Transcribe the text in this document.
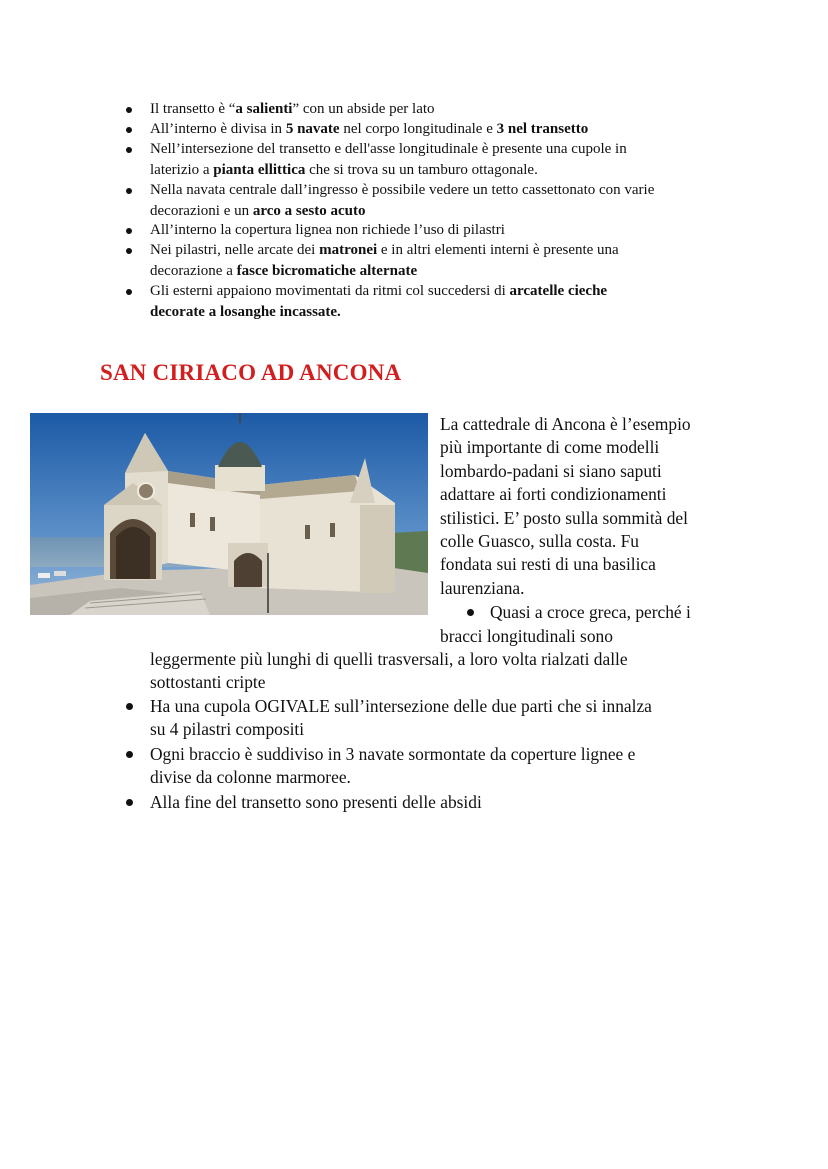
Il transetto è “a salienti” con un abside per lato
All’interno è divisa in 5 navate nel corpo longitudinale e 3 nel transetto
Nell’intersezione del transetto e dell'asse longitudinale è presente una cupole in
laterizio a pianta ellittica che si trova su un tamburo ottagonale.
Nella navata centrale dall’ingresso è possibile vedere un tetto cassettonato con varie
decorazioni e un arco a sesto acuto
All’interno la copertura lignea non richiede l’uso di pilastri
Nei pilastri, nelle arcate dei matronei e in altri elementi interni è presente una
decorazione a fasce bicromatiche alternate
Gli esterni appaiono movimentati da ritmi col succedersi di arcatelle cieche
decorate a losanghe incassate.
SAN CIRIACO AD ANCONA
La cattedrale di Ancona è l’esempio
più importante di come modelli
lombardo-padani si siano saputi
adattare ai forti condizionamenti
stilistici. E’ posto sulla sommità del
colle Guasco, sulla costa. Fu
fondata sui resti di una basilica
laurenziana.
Quasi a croce greca, perché i
bracci longitudinali sono
leggermente più lunghi di quelli trasversali, a loro volta rialzati dalle
sottostanti cripte
Ha una cupola OGIVALE sull’intersezione delle due parti che si innalza
su 4 pilastri compositi
Ogni braccio è suddiviso in 3 navate sormontate da coperture lignee e
divise da colonne marmoree.
Alla fine del transetto sono presenti delle absidi
